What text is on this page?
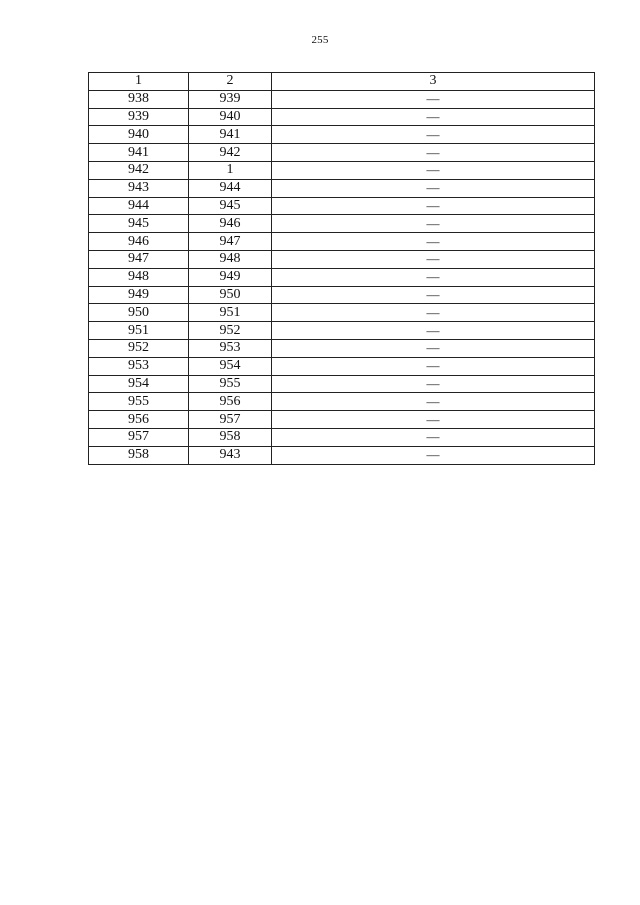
255
1	2	3
938	939	—
939	940	—
940	941	—
941	942	—
942	1	—
943	944	—
944	945	—
945	946	—
946	947	—
947	948	—
948	949	—
949	950	—
950	951	—
951	952	—
952	953	—
953	954	—
954	955	—
955	956	—
956	957	—
957	958	—
958	943	—
